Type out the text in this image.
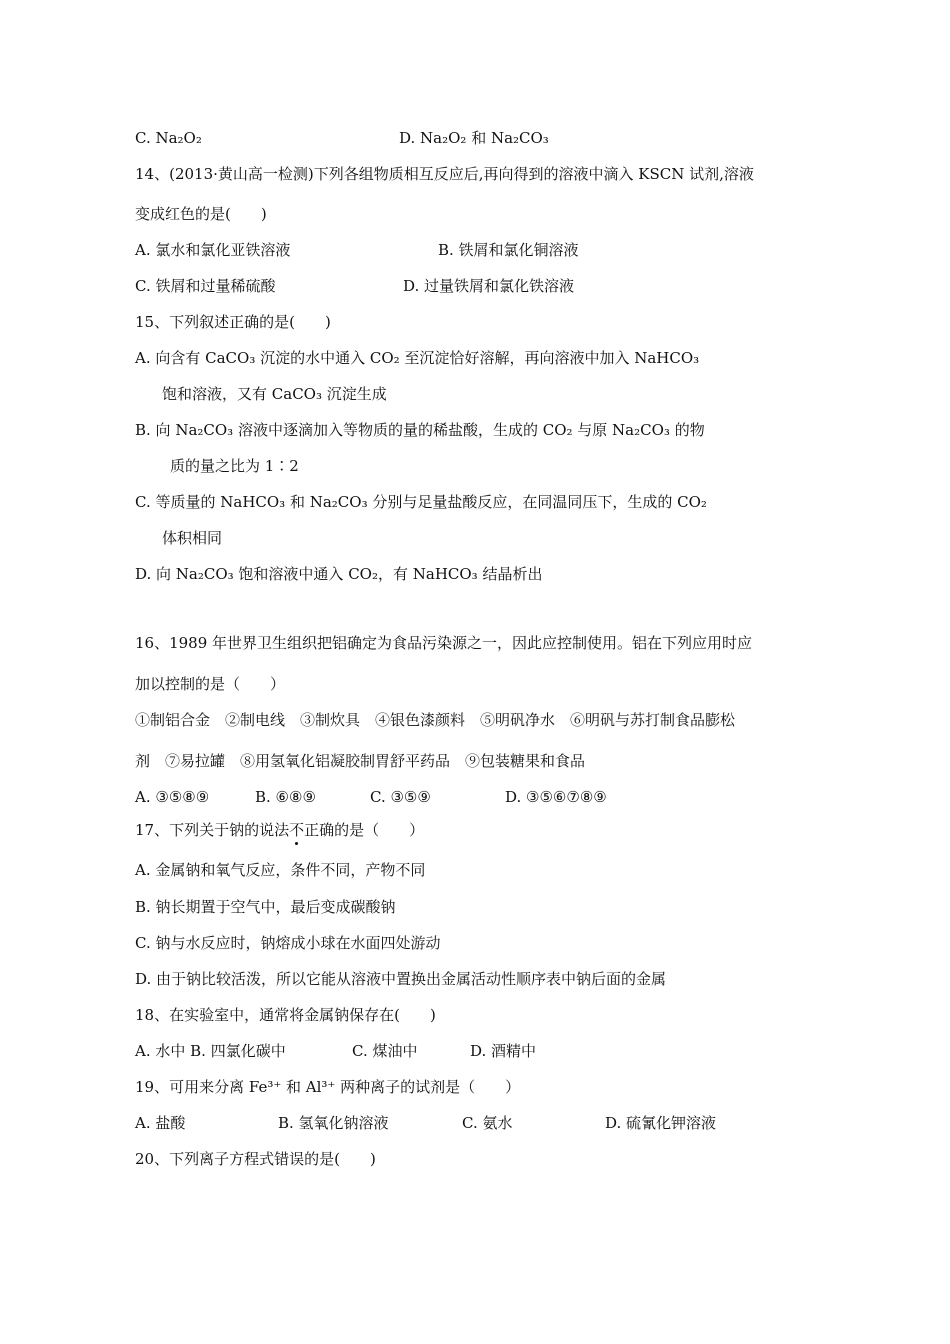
C. Na₂O₂	D. Na₂O₂ 和 Na₂CO₃
14、(2013·黄山高一检测)下列各组物质相互反应后,再向得到的溶液中滴入 KSCN 试剂,溶液
变成红色的是(　　)
A. 氯水和氯化亚铁溶液	B. 铁屑和氯化铜溶液
C. 铁屑和过量稀硫酸	D. 过量铁屑和氯化铁溶液
15、下列叙述正确的是(　　)
A. 向含有 CaCO₃ 沉淀的水中通入 CO₂ 至沉淀恰好溶解，再向溶液中加入 NaHCO₃
饱和溶液，又有 CaCO₃ 沉淀生成
B. 向 Na₂CO₃ 溶液中逐滴加入等物质的量的稀盐酸，生成的 CO₂ 与原 Na₂CO₃ 的物
质的量之比为 1∶2
C. 等质量的 NaHCO₃ 和 Na₂CO₃ 分别与足量盐酸反应，在同温同压下，生成的 CO₂
体积相同
D. 向 Na₂CO₃ 饱和溶液中通入 CO₂，有 NaHCO₃ 结晶析出
16、1989 年世界卫生组织把铝确定为食品污染源之一，因此应控制使用。铝在下列应用时应
加以控制的是（　　）
①制铝合金　②制电线　③制炊具　④银色漆颜料　⑤明矾净水　⑥明矾与苏打制食品膨松
剂　⑦易拉罐　⑧用氢氧化铝凝胶制胃舒平药品　⑨包装糖果和食品
A. ③⑤⑧⑨	B. ⑥⑧⑨	C. ③⑤⑨	D. ③⑤⑥⑦⑧⑨
17、下列关于钠的说法不正确的是（　　）
A. 金属钠和氧气反应，条件不同，产物不同
B. 钠长期置于空气中，最后变成碳酸钠
C. 钠与水反应时，钠熔成小球在水面四处游动
D. 由于钠比较活泼，所以它能从溶液中置换出金属活动性顺序表中钠后面的金属
18、在实验室中，通常将金属钠保存在(　　)
A. 水中 B. 四氯化碳中	C. 煤油中	D. 酒精中
19、可用来分离 Fe³⁺ 和 Al³⁺ 两种离子的试剂是（　　）
A. 盐酸	B. 氢氧化钠溶液	C. 氨水	D. 硫氰化钾溶液
20、下列离子方程式错误的是(　　)
